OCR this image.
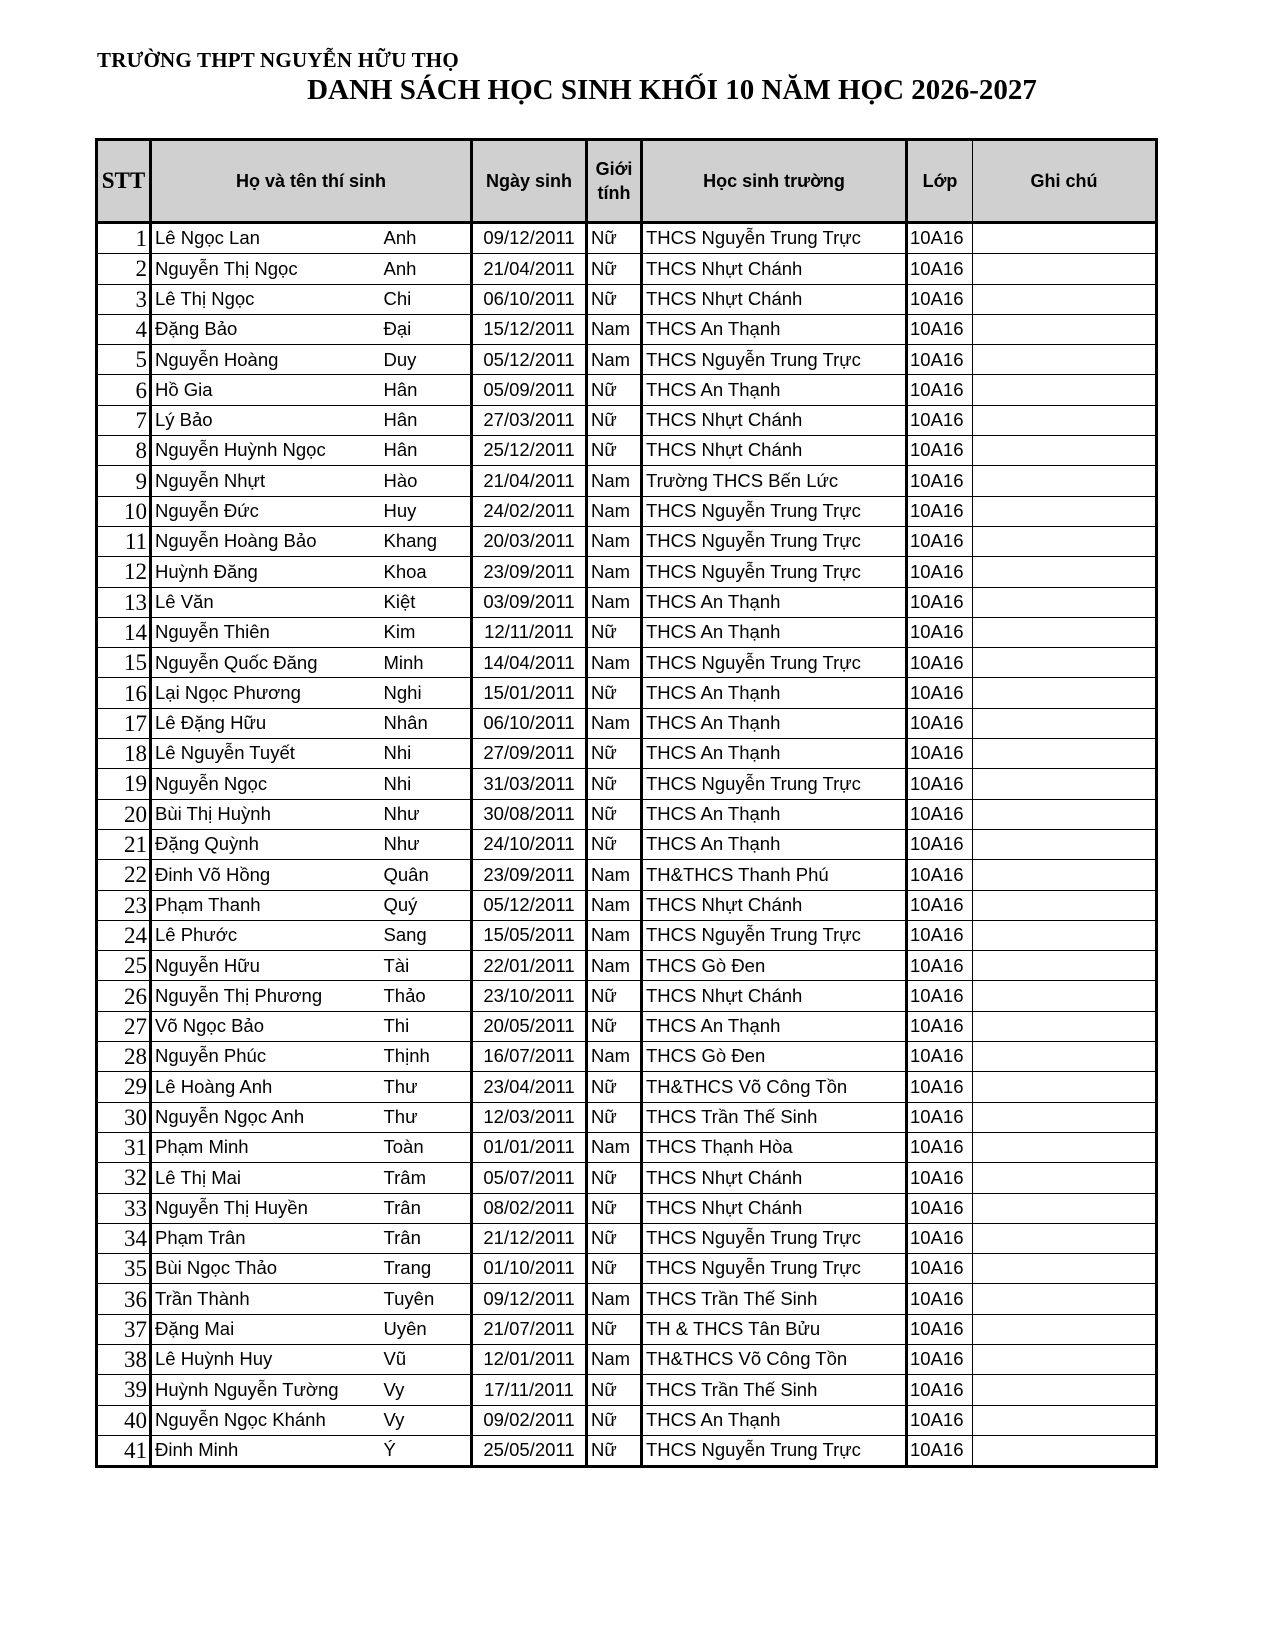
TRƯỜNG THPT NGUYỄN HỮU THỌ
DANH SÁCH HỌC SINH KHỐI 10 NĂM HỌC 2026-2027
STT	Họ và tên thí sinh		Ngày sinh	Giới
tính	Học sinh trường	Lớp	Ghi chú
1	Lê Ngọc Lan	Anh	09/12/2011	Nữ	THCS Nguyễn Trung Trực	10A16	
2	Nguyễn Thị Ngọc	Anh	21/04/2011	Nữ	THCS Nhựt Chánh	10A16	
3	Lê Thị Ngọc	Chi	06/10/2011	Nữ	THCS Nhựt Chánh	10A16	
4	Đặng Bảo	Đại	15/12/2011	Nam	THCS An Thạnh	10A16	
5	Nguyễn Hoàng	Duy	05/12/2011	Nam	THCS Nguyễn Trung Trực	10A16	
6	Hồ Gia	Hân	05/09/2011	Nữ	THCS An Thạnh	10A16	
7	Lý Bảo	Hân	27/03/2011	Nữ	THCS Nhựt Chánh	10A16	
8	Nguyễn Huỳnh Ngọc	Hân	25/12/2011	Nữ	THCS Nhựt Chánh	10A16	
9	Nguyễn Nhựt	Hào	21/04/2011	Nam	Trường THCS Bến Lức	10A16	
10	Nguyễn Đức	Huy	24/02/2011	Nam	THCS Nguyễn Trung Trực	10A16	
11	Nguyễn Hoàng Bảo	Khang	20/03/2011	Nam	THCS Nguyễn Trung Trực	10A16	
12	Huỳnh Đăng	Khoa	23/09/2011	Nam	THCS Nguyễn Trung Trực	10A16	
13	Lê Văn	Kiệt	03/09/2011	Nam	THCS An Thạnh	10A16	
14	Nguyễn Thiên	Kim	12/11/2011	Nữ	THCS An Thạnh	10A16	
15	Nguyễn Quốc Đăng	Minh	14/04/2011	Nam	THCS Nguyễn Trung Trực	10A16	
16	Lại Ngọc Phương	Nghi	15/01/2011	Nữ	THCS An Thạnh	10A16	
17	Lê Đặng Hữu	Nhân	06/10/2011	Nam	THCS An Thạnh	10A16	
18	Lê Nguyễn Tuyết	Nhi	27/09/2011	Nữ	THCS An Thạnh	10A16	
19	Nguyễn Ngọc	Nhi	31/03/2011	Nữ	THCS Nguyễn Trung Trực	10A16	
20	Bùi Thị Huỳnh	Như	30/08/2011	Nữ	THCS An Thạnh	10A16	
21	Đặng Quỳnh	Như	24/10/2011	Nữ	THCS An Thạnh	10A16	
22	Đinh Võ Hồng	Quân	23/09/2011	Nam	TH&THCS Thanh Phú	10A16	
23	Phạm Thanh	Quý	05/12/2011	Nam	THCS Nhựt Chánh	10A16	
24	Lê Phước	Sang	15/05/2011	Nam	THCS Nguyễn Trung Trực	10A16	
25	Nguyễn Hữu	Tài	22/01/2011	Nam	THCS Gò Đen	10A16	
26	Nguyễn Thị Phương	Thảo	23/10/2011	Nữ	THCS Nhựt Chánh	10A16	
27	Võ Ngọc Bảo	Thi	20/05/2011	Nữ	THCS An Thạnh	10A16	
28	Nguyễn Phúc	Thịnh	16/07/2011	Nam	THCS Gò Đen	10A16	
29	Lê Hoàng Anh	Thư	23/04/2011	Nữ	TH&THCS Võ Công Tồn	10A16	
30	Nguyễn Ngọc Anh	Thư	12/03/2011	Nữ	THCS Trần Thế Sinh	10A16	
31	Phạm Minh	Toàn	01/01/2011	Nam	THCS Thạnh Hòa	10A16	
32	Lê Thị Mai	Trâm	05/07/2011	Nữ	THCS Nhựt Chánh	10A16	
33	Nguyễn Thị Huyền	Trân	08/02/2011	Nữ	THCS Nhựt Chánh	10A16	
34	Phạm Trân	Trân	21/12/2011	Nữ	THCS Nguyễn Trung Trực	10A16	
35	Bùi Ngọc Thảo	Trang	01/10/2011	Nữ	THCS Nguyễn Trung Trực	10A16	
36	Trần Thành	Tuyên	09/12/2011	Nam	THCS Trần Thế Sinh	10A16	
37	Đặng Mai	Uyên	21/07/2011	Nữ	TH & THCS Tân Bửu	10A16	
38	Lê Huỳnh Huy	Vũ	12/01/2011	Nam	TH&THCS Võ Công Tồn	10A16	
39	Huỳnh Nguyễn Tường	Vy	17/11/2011	Nữ	THCS Trần Thế Sinh	10A16	
40	Nguyễn Ngọc Khánh	Vy	09/02/2011	Nữ	THCS An Thạnh	10A16	
41	Đinh Minh	Ý	25/05/2011	Nữ	THCS Nguyễn Trung Trực	10A16	
